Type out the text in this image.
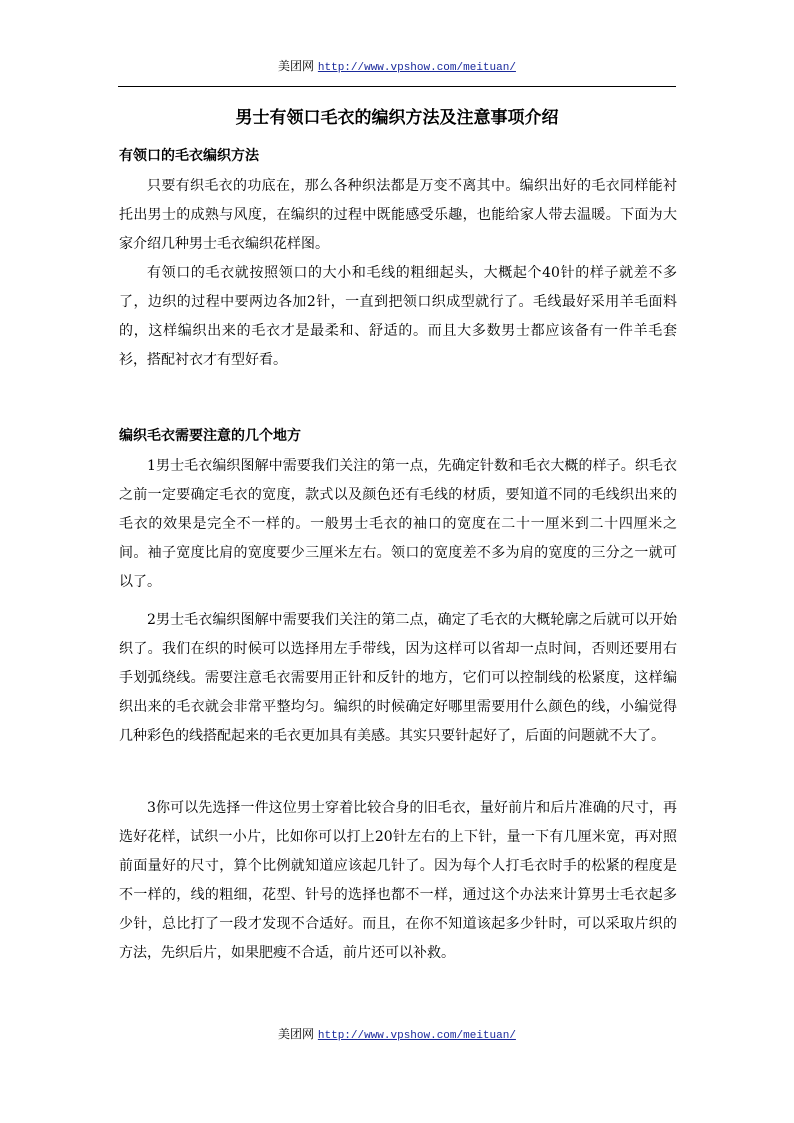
美团网 http://www.vpshow.com/meituan/
男士有领口毛衣的编织方法及注意事项介绍

有领口的毛衣编织方法

只要有织毛衣的功底在，那么各种织法都是万变不离其中。编织出好的毛衣同样能衬托出男士的成熟与风度，在编织的过程中既能感受乐趣，也能给家人带去温暖。下面为大家介绍几种男士毛衣编织花样图。

有领口的毛衣就按照领口的大小和毛线的粗细起头，大概起个40针的样子就差不多了，边织的过程中要两边各加2针，一直到把领口织成型就行了。毛线最好采用羊毛面料的，这样编织出来的毛衣才是最柔和、舒适的。而且大多数男士都应该备有一件羊毛套衫，搭配衬衣才有型好看。

编织毛衣需要注意的几个地方

1男士毛衣编织图解中需要我们关注的第一点，先确定针数和毛衣大概的样子。织毛衣之前一定要确定毛衣的宽度，款式以及颜色还有毛线的材质，要知道不同的毛线织出来的毛衣的效果是完全不一样的。一般男士毛衣的袖口的宽度在二十一厘米到二十四厘米之间。袖子宽度比肩的宽度要少三厘米左右。领口的宽度差不多为肩的宽度的三分之一就可以了。

2男士毛衣编织图解中需要我们关注的第二点，确定了毛衣的大概轮廓之后就可以开始织了。我们在织的时候可以选择用左手带线，因为这样可以省却一点时间，否则还要用右手划弧绕线。需要注意毛衣需要用正针和反针的地方，它们可以控制线的松紧度，这样编织出来的毛衣就会非常平整均匀。编织的时候确定好哪里需要用什么颜色的线，小编觉得几种彩色的线搭配起来的毛衣更加具有美感。其实只要针起好了，后面的问题就不大了。

3你可以先选择一件这位男士穿着比较合身的旧毛衣，量好前片和后片准确的尺寸，再选好花样，试织一小片，比如你可以打上20针左右的上下针，量一下有几厘米宽，再对照前面量好的尺寸，算个比例就知道应该起几针了。因为每个人打毛衣时手的松紧的程度是不一样的，线的粗细，花型、针号的选择也都不一样，通过这个办法来计算男士毛衣起多少针，总比打了一段才发现不合适好。而且，在你不知道该起多少针时，可以采取片织的方法，先织后片，如果肥瘦不合适，前片还可以补救。

美团网 http://www.vpshow.com/meituan/
